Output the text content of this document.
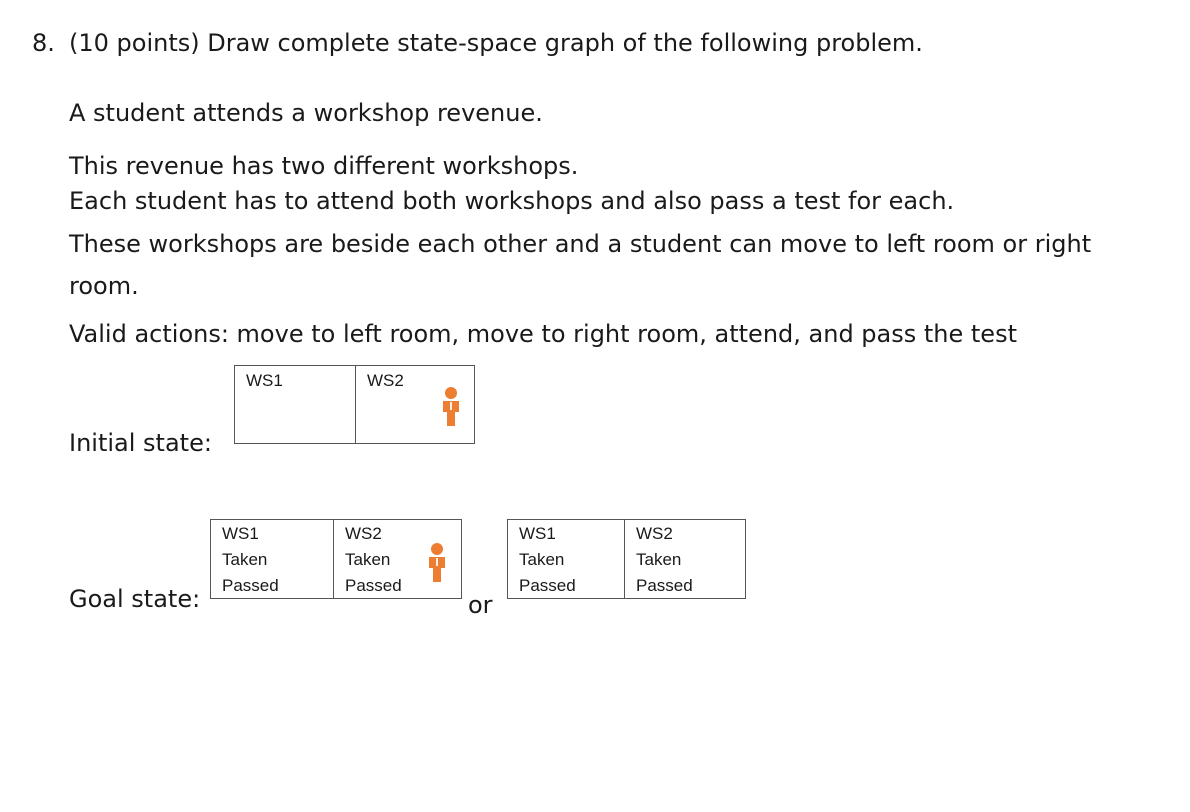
8. (10 points) Draw complete state-space graph of the following problem.
A student attends a workshop revenue.
This revenue has two different workshops.
Each student has to attend both workshops and also pass a test for each.
These workshops are beside each other and a student can move to left room or right
room.
Valid actions: move to left room, move to right room, attend, and pass the test
Initial state:
WS1	WS2
Goal state:
WS1
Taken
Passed
WS2
Taken
Passed
or
WS1
Taken
Passed
WS2
Taken
Passed
